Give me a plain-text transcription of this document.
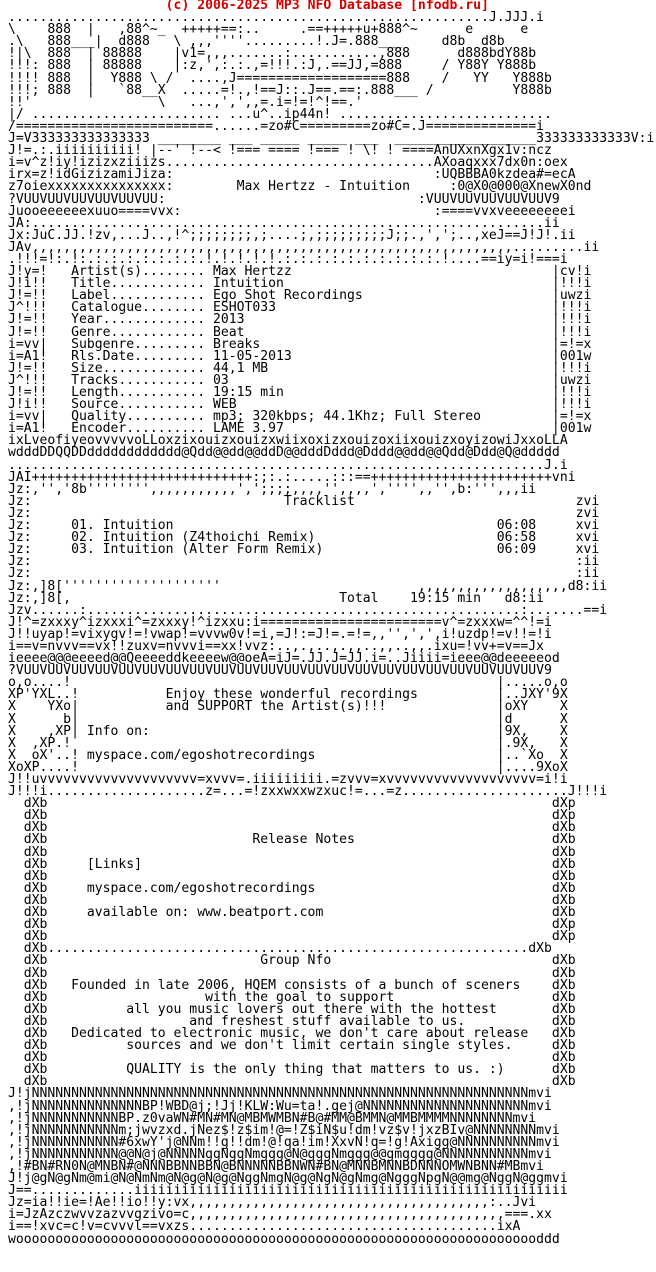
(c) 2006-2025 MP3 NFO Database [nfodb.ru]
.............................................................J.JJJ.i
\    888  |   ,88^~_  +++++==:..     .==+++++u+888^~      e      e
.\   888___|  d888   \ ,,,''''.........!.J=.888___     d8b  d8b
!|\  888  | 88888    |v1=,,,.......:...........,888      d888bdY88b
!!!: 888  | 88888    |:z,',:.:.,=!!!.:J,.==JJ,=888     / Y88Y Y888b
!!!! 888  |  Y888 \ /  ....,J===================888    /   YY   Y888b
!!!; 888  |   `88__X  .....=!.,!==J::.J==.==:.888___ /          Y888b
!!'                \   ...,',',,=.i=!=!^!==.'
|/ ........................ ...u^..ip44n! ...........................
/=========================......=zo#C=========zo#C=.J==============i
J=V333333333333333 ________ ___ _____ _____ ___  __________________333333333333V:i
J!=.:.iiiiiiiiii! |--' !--< !=== ==== !=== ! \! ! ====AnUXxnXgx1v:ncz
i=v^z!iy!izizxziiizs..................................AXoaqxxx7dx0n:oex
irx=z!idGizizamiJiza:                                 :UQBBBA0kzdea#=ecA
z7oiexxxxxxxxxxxxxxx:        Max Hertzz - Intuition     :0@X0@000@XnewX0nd
?VUUVUUVUUVUUVUUVUU:                                :VUUVUUVUUVUUVUUV9
Juooeeeeeexuuo====vvx:                                :====vvxveeeeeeeei
JA:.................................................................ii
Jx:JuC.JJ.!zv,...J..,!^;;;;;;;;,;....;,;;;;;;;;;J;;.,',';..,xeJ==J!J!.ii
JAv,,,,,,,,,,,,,,,,,,,,,,,,,,,,,,,,,,,,,,,,,,,,,,,,,,,,,,,,,,,,,.........ii
.!!!=!:.!:.:.:.:.:.:.:.:.!.!.!.!.!.:.:.:.:.:.:.:.:.:.:.!....==iy=i!===i
J!y=!   Artist(s)........ Max Hertzz                                 |cv!i
J!i!!   Title............ Intuition                                  |!!!i
J!=!!   Label............ Ego Shot Recordings                        |uwzi
J^!!!   Catalogue........ ESHOT033                                   |!!!i
J!=!!   Year............. 2013                                       |!!!i
J!=!!   Genre............ Beat                                       |!!!i
i=vv|   Subgenre......... Breaks                                     |=!=x
i=A1!   Rls.Date......... 11-05-2013                                 |001w
J!=!!   Size............. 44,1 MB                                    |!!!i
J^!!!   Tracks........... 03                                         |uwzi
J!=!!   Length........... 19:15 min                                  |!!!i
J!i!!   Source........... WEB                                        |!!!i
i=vv|   Quality.......... mp3; 320kbps; 44.1Khz; Full Stereo         |=!=x
i=A1!   Encoder.......... LAME 3.97                                  |001w
ixLveofiyeovvvvvoLLoxzixouizxouizxwiixoxizxouizoxiixouizxoyizowiJxxoLLA
wdddDDQQDDdddddddddddd@Qdd@@dd@@ddD@@dddDddd@Dddd@@dd@@Qdd@Ddd@Q@ddddd
....................................................................J.i
JAI++++++++++++++++++++++++++++:;:.:.....:::==+++++++++++++++++++++++vni
Jz:,'','8b'''''''',,,,,,,,,,,',';;;;,,,,'',,,,','''',,'',b:''',,,ii
Jz:                                Tracklist                            zvi
Jz:                                                                     zvi
Jz:     01. Intuition                                         06:08     xvi
Jz:     02. Intuition (Z4thoichi Remix)                       06:58     xvi
Jz:     03. Intuition (Alter Form Remix)                      06:09     xvi
Jz:                                                                     :ii
Jz:                                                                     :ii
Jz:,]8[''''''''''''''''''''                         ,,,,,,,,,,,,,,,,,,,d8:ii
Jz:,]8[,                                  Total    19:15 min   d8:ii
Jzv......:.......................................................:.......==i
J!^=zxxxy^izxxxi^=zxxxy!^izxxu:i=======================v^=zxxxw=^^!=i
J!!uyap!=vixygv!=!vwap!=vvvw0v!=i,=J!:=J!=.=!=,,'',',',i!uzdp!=v!!=!i
i==v=nvvv==vx!!zuxv=nvvvi==xx!vvz:..,.,..,.,,..,,..,,.ixu=!vv+=v==Jx
ieeee@@@eeeed@@Qeeeeddkeeeew@@oeA=iJ=.JJ.J=JJ.i=..Jiiii=ieee@@deeeeeod
?VUUVUUVUUVUUVUUVUUVUUVUUVUUVUUVUUVUUVUUVUUVUUVUUVUUVUUVUUVUUVUUVUUV9
o,o....!                                                      |.....o,o
XP'YXL..!           Enjoy these wonderful recordings          |..JXY'9X
X    YXo|           and SUPPORT the Artist(s)!!!              |oXY    X
X      b|                                                     |d      X
X    ,XP| Info on:                                            |9X,    X
X  ,XP.!                                                      |.9X,   X
X  oX'..! myspace.com/egoshotrecordings                       |..`Xo  X
XoXP....!                                                     |....9XoX
J!!uvvvvvvvvvvvvvvvvvvvv=xvvv=.iiiiiiiii.=zvvv=xvvvvvvvvvvvvvvvvvvv=i!i
J!!!i....................z=...=!zxxwxxwzxuc!=...=z.....................J!!!i
dXb                                                                dXp
dXb                                                                dXp
dXb                                                                dXb
dXb                          Release Notes                         dXb
dXb                                                                dXb
dXb     [Links]                                                    dXb
dXb                                                                dXb
dXb     myspace.com/egoshotrecordings                              dXb
dXb                                                                dXb
dXb     available on: www.beatport.com                             dXb
dXb                                                                dXp
dXb                                                                dXp
dXb.............................................................dXb
dXb                           Group Nfo                            dXb
dXb                                                                dXb
dXb   Founded in late 2006, HQEM consists of a bunch of sceners    dXb
dXb                    with the goal to support                    dXb
dXb          all you music lovers out there with the hottest       dXb
dXb                  and freshest stuff available to us.           dXb
dXb   Dedicated to electronic music, we don't care about release   dXb
dXb          sources and we don't limit certain single styles.     dXb
dXb                                                                dXb
dXb          QUALITY is the only thing that matters to us. :)      dXb
dXb                                                                dXb
J!jNNNNNNNNNNNNNNNNNNNNNNNNNNNNNNNNNNNNNNNNNNNNNNNNNNNNNNNNNNNNNNNmvi
,!jNNNNNNNNNNNNNNBP!WBD@j;!Jj!KLW:Wu=ta!.gej@NNNNNNNNNNNNNNNNNNNNNmvi
,!jNNNNNNNNNNNBP.z0vaWN#MN#MN@MBMWMBN#B@#MM@BMMN@MMBMMMMNNNNNNNNmvi
,!jNNNNNNNNNNNm;jwvzxd.jNez$!z$im!@=!Z$iN$u!dm!vz$v!jxzBIv@NNNNNNNNmvi
,!jNNNNNNNNNNN#6xwY'j@NNm!!g!!dm!@!qa!im!XxvN!q=!g!Axigg@NNNNNNNNNNmvi
,!jNNNNNNNNNNN@@N@j@NNNNNggNggNmggg@N@gggNmggg@@gmgggg@NNNNNNNNNNNmvi
,!#BN#RN0N@MNBN#@NNNBBNNBBN@BNNNNNBBNWN#BN@MNNBMNNBDNNNOMWNBNN#MBmvi
J!j@gN@gNm@mi@N@NmNm@N@g@N@g@NggNmgN@g@NgN@gNmg@NgggNpgN@@mg@NggN@ggmvi
J==.............iiiiiiiiiiiiiiiiiiiiiiiiiiiiiiiiiiiiiiiiiiiiiiiiiiiiiii
Jz=ia!!ie=!Ae!!io!!y:vx,,,,,,,,,,,,,,,,,,,,,,,,,,,,,,,,,,,,,,:..Jvi
i=JzAzczwvvzazvvgzivo=c,,,,,,,,,,,,,,,,,,,,,,,,,,,,,,,,,,,,,,,,===.xx
i==!xvc=c!v=cvvvl==vxzs.......................................ixA
wooooooooooooooooooooooooooooooooooooooooooooooooooooooooooooooooooddd
